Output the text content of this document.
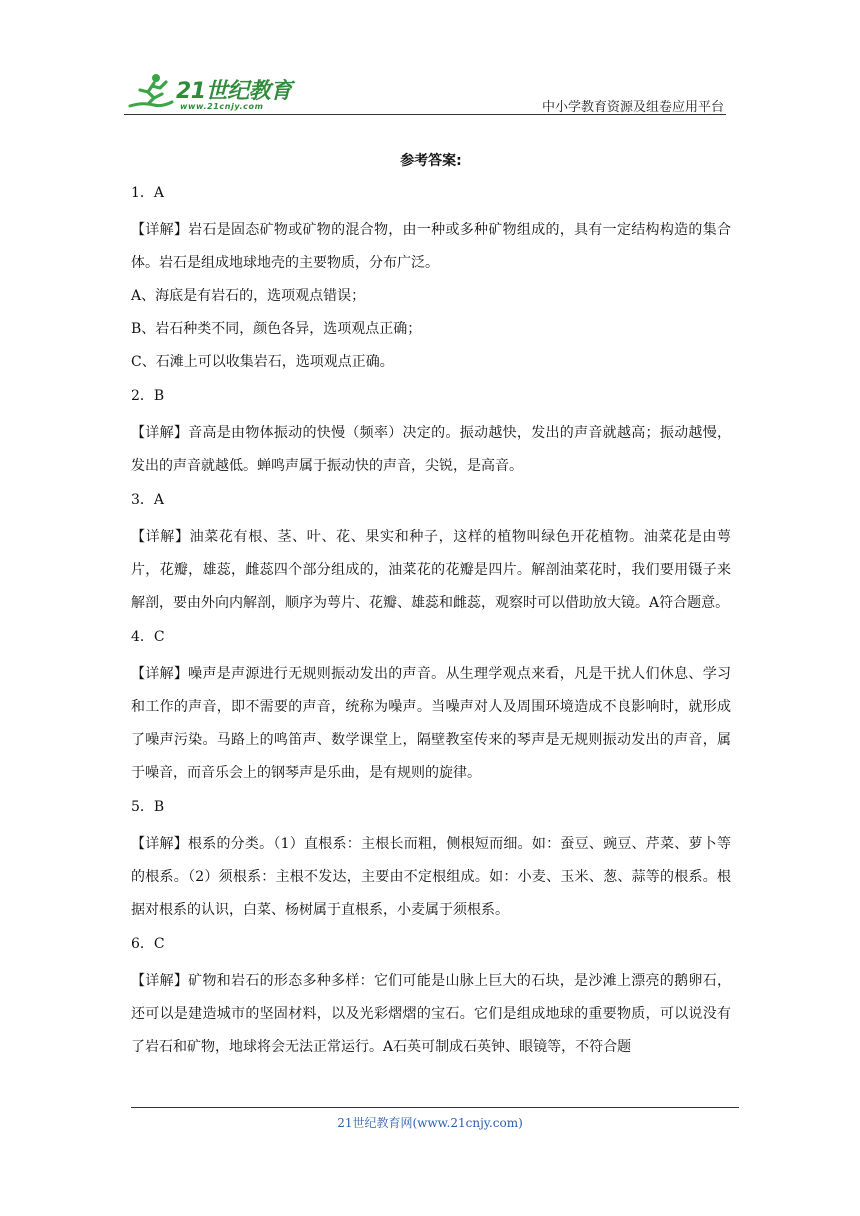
21世纪教育
www.21cnjy.com	中小学教育资源及组卷应用平台
参考答案:

1．A

【详解】岩石是固态矿物或矿物的混合物，由一种或多种矿物组成的，具有一定结构构造的集合体。岩石是组成地球地壳的主要物质，分布广泛。

A、海底是有岩石的，选项观点错误；

B、岩石种类不同，颜色各异，选项观点正确；

C、石滩上可以收集岩石，选项观点正确。

2．B

【详解】音高是由物体振动的快慢（频率）决定的。振动越快，发出的声音就越高；振动越慢，发出的声音就越低。蝉鸣声属于振动快的声音，尖锐，是高音。

3．A

【详解】油菜花有根、茎、叶、花、果实和种子，这样的植物叫绿色开花植物。油菜花是由萼片，花瓣，雄蕊，雌蕊四个部分组成的，油菜花的花瓣是四片。解剖油菜花时，我们要用镊子来解剖，要由外向内解剖，顺序为萼片、花瓣、雄蕊和雌蕊，观察时可以借助放大镜。A符合题意。

4．C

【详解】噪声是声源进行无规则振动发出的声音。从生理学观点来看，凡是干扰人们休息、学习和工作的声音，即不需要的声音，统称为噪声。当噪声对人及周围环境造成不良影响时，就形成了噪声污染。马路上的鸣笛声、数学课堂上，隔壁教室传来的琴声是无规则振动发出的声音，属于噪音，而音乐会上的钢琴声是乐曲，是有规则的旋律。

5．B

【详解】根系的分类。（1）直根系：主根长而粗，侧根短而细。如：蚕豆、豌豆、芹菜、萝卜等的根系。（2）须根系：主根不发达，主要由不定根组成。如：小麦、玉米、葱、蒜等的根系。根据对根系的认识，白菜、杨树属于直根系，小麦属于须根系。

6．C

【详解】矿物和岩石的形态多种多样：它们可能是山脉上巨大的石块，是沙滩上漂亮的鹅卵石，还可以是建造城市的坚固材料，以及光彩熠熠的宝石。它们是组成地球的重要物质，可以说没有了岩石和矿物，地球将会无法正常运行。A石英可制成石英钟、眼镜等，不符合题

21世纪教育网(www.21cnjy.com)
